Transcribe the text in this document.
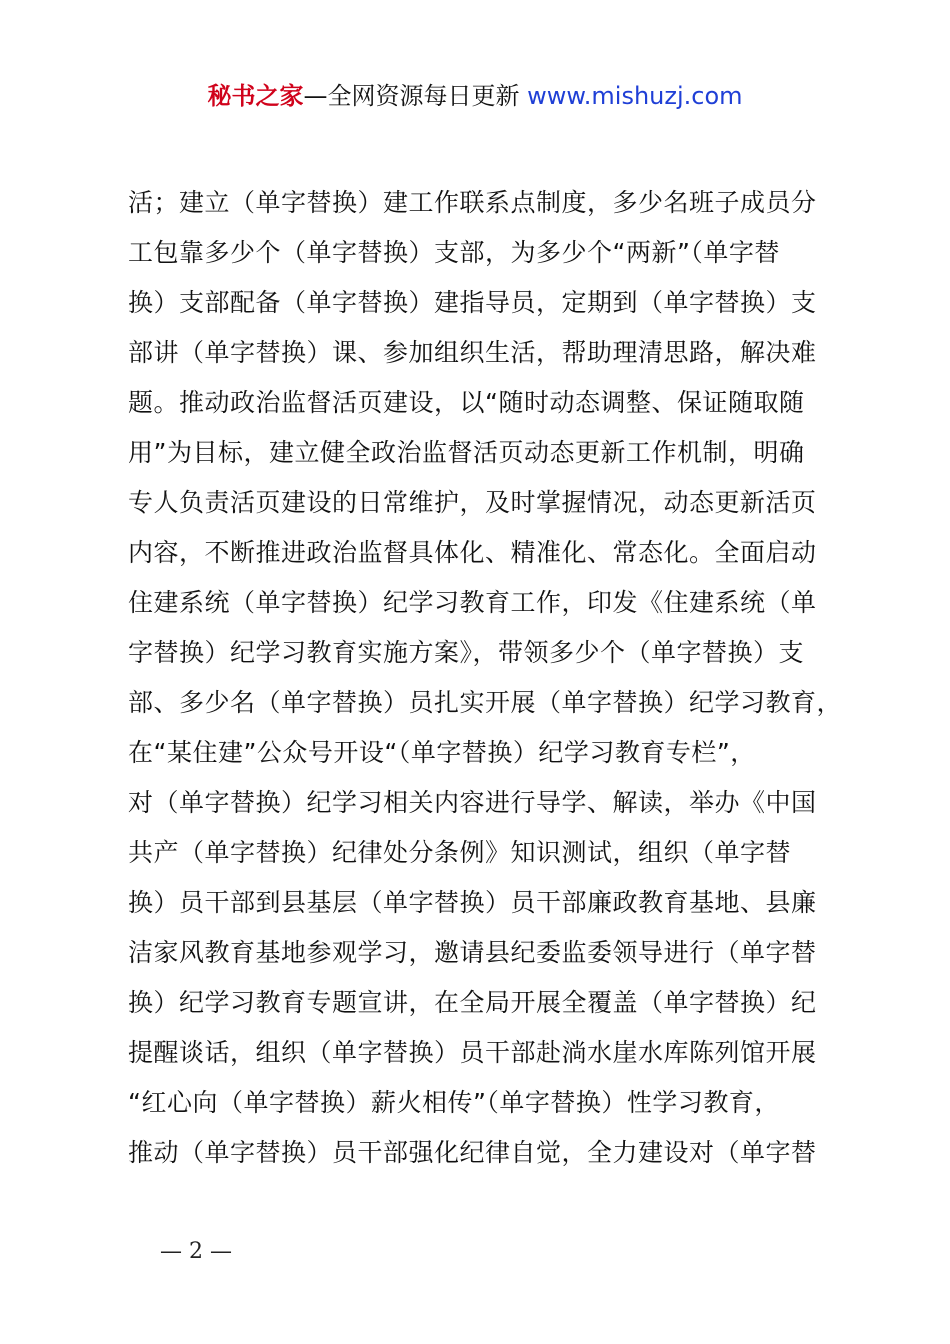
秘书之家—全网资源每日更新 www.mishuzj.com
活；建立（单字替换）建工作联系点制度，多少名班子成员分
工包靠多少个（单字替换）支部，为多少个“两新”（单字替
换）支部配备（单字替换）建指导员，定期到（单字替换）支
部讲（单字替换）课、参加组织生活，帮助理清思路，解决难
题。推动政治监督活页建设，以“随时动态调整、保证随取随
用”为目标，建立健全政治监督活页动态更新工作机制，明确
专人负责活页建设的日常维护，及时掌握情况，动态更新活页
内容，不断推进政治监督具体化、精准化、常态化。全面启动
住建系统（单字替换）纪学习教育工作，印发《住建系统（单
字替换）纪学习教育实施方案》，带领多少个（单字替换）支
部、多少名（单字替换）员扎实开展（单字替换）纪学习教育，
在“某住建”公众号开设“（单字替换）纪学习教育专栏”，
对（单字替换）纪学习相关内容进行导学、解读，举办《中国
共产（单字替换）纪律处分条例》知识测试，组织（单字替
换）员干部到县基层（单字替换）员干部廉政教育基地、县廉
洁家风教育基地参观学习，邀请县纪委监委领导进行（单字替
换）纪学习教育专题宣讲，在全局开展全覆盖（单字替换）纪
提醒谈话，组织（单字替换）员干部赴淌水崖水库陈列馆开展
“红心向（单字替换）薪火相传”（单字替换）性学习教育，
推动（单字替换）员干部强化纪律自觉，全力建设对（单字替
— 2 —
